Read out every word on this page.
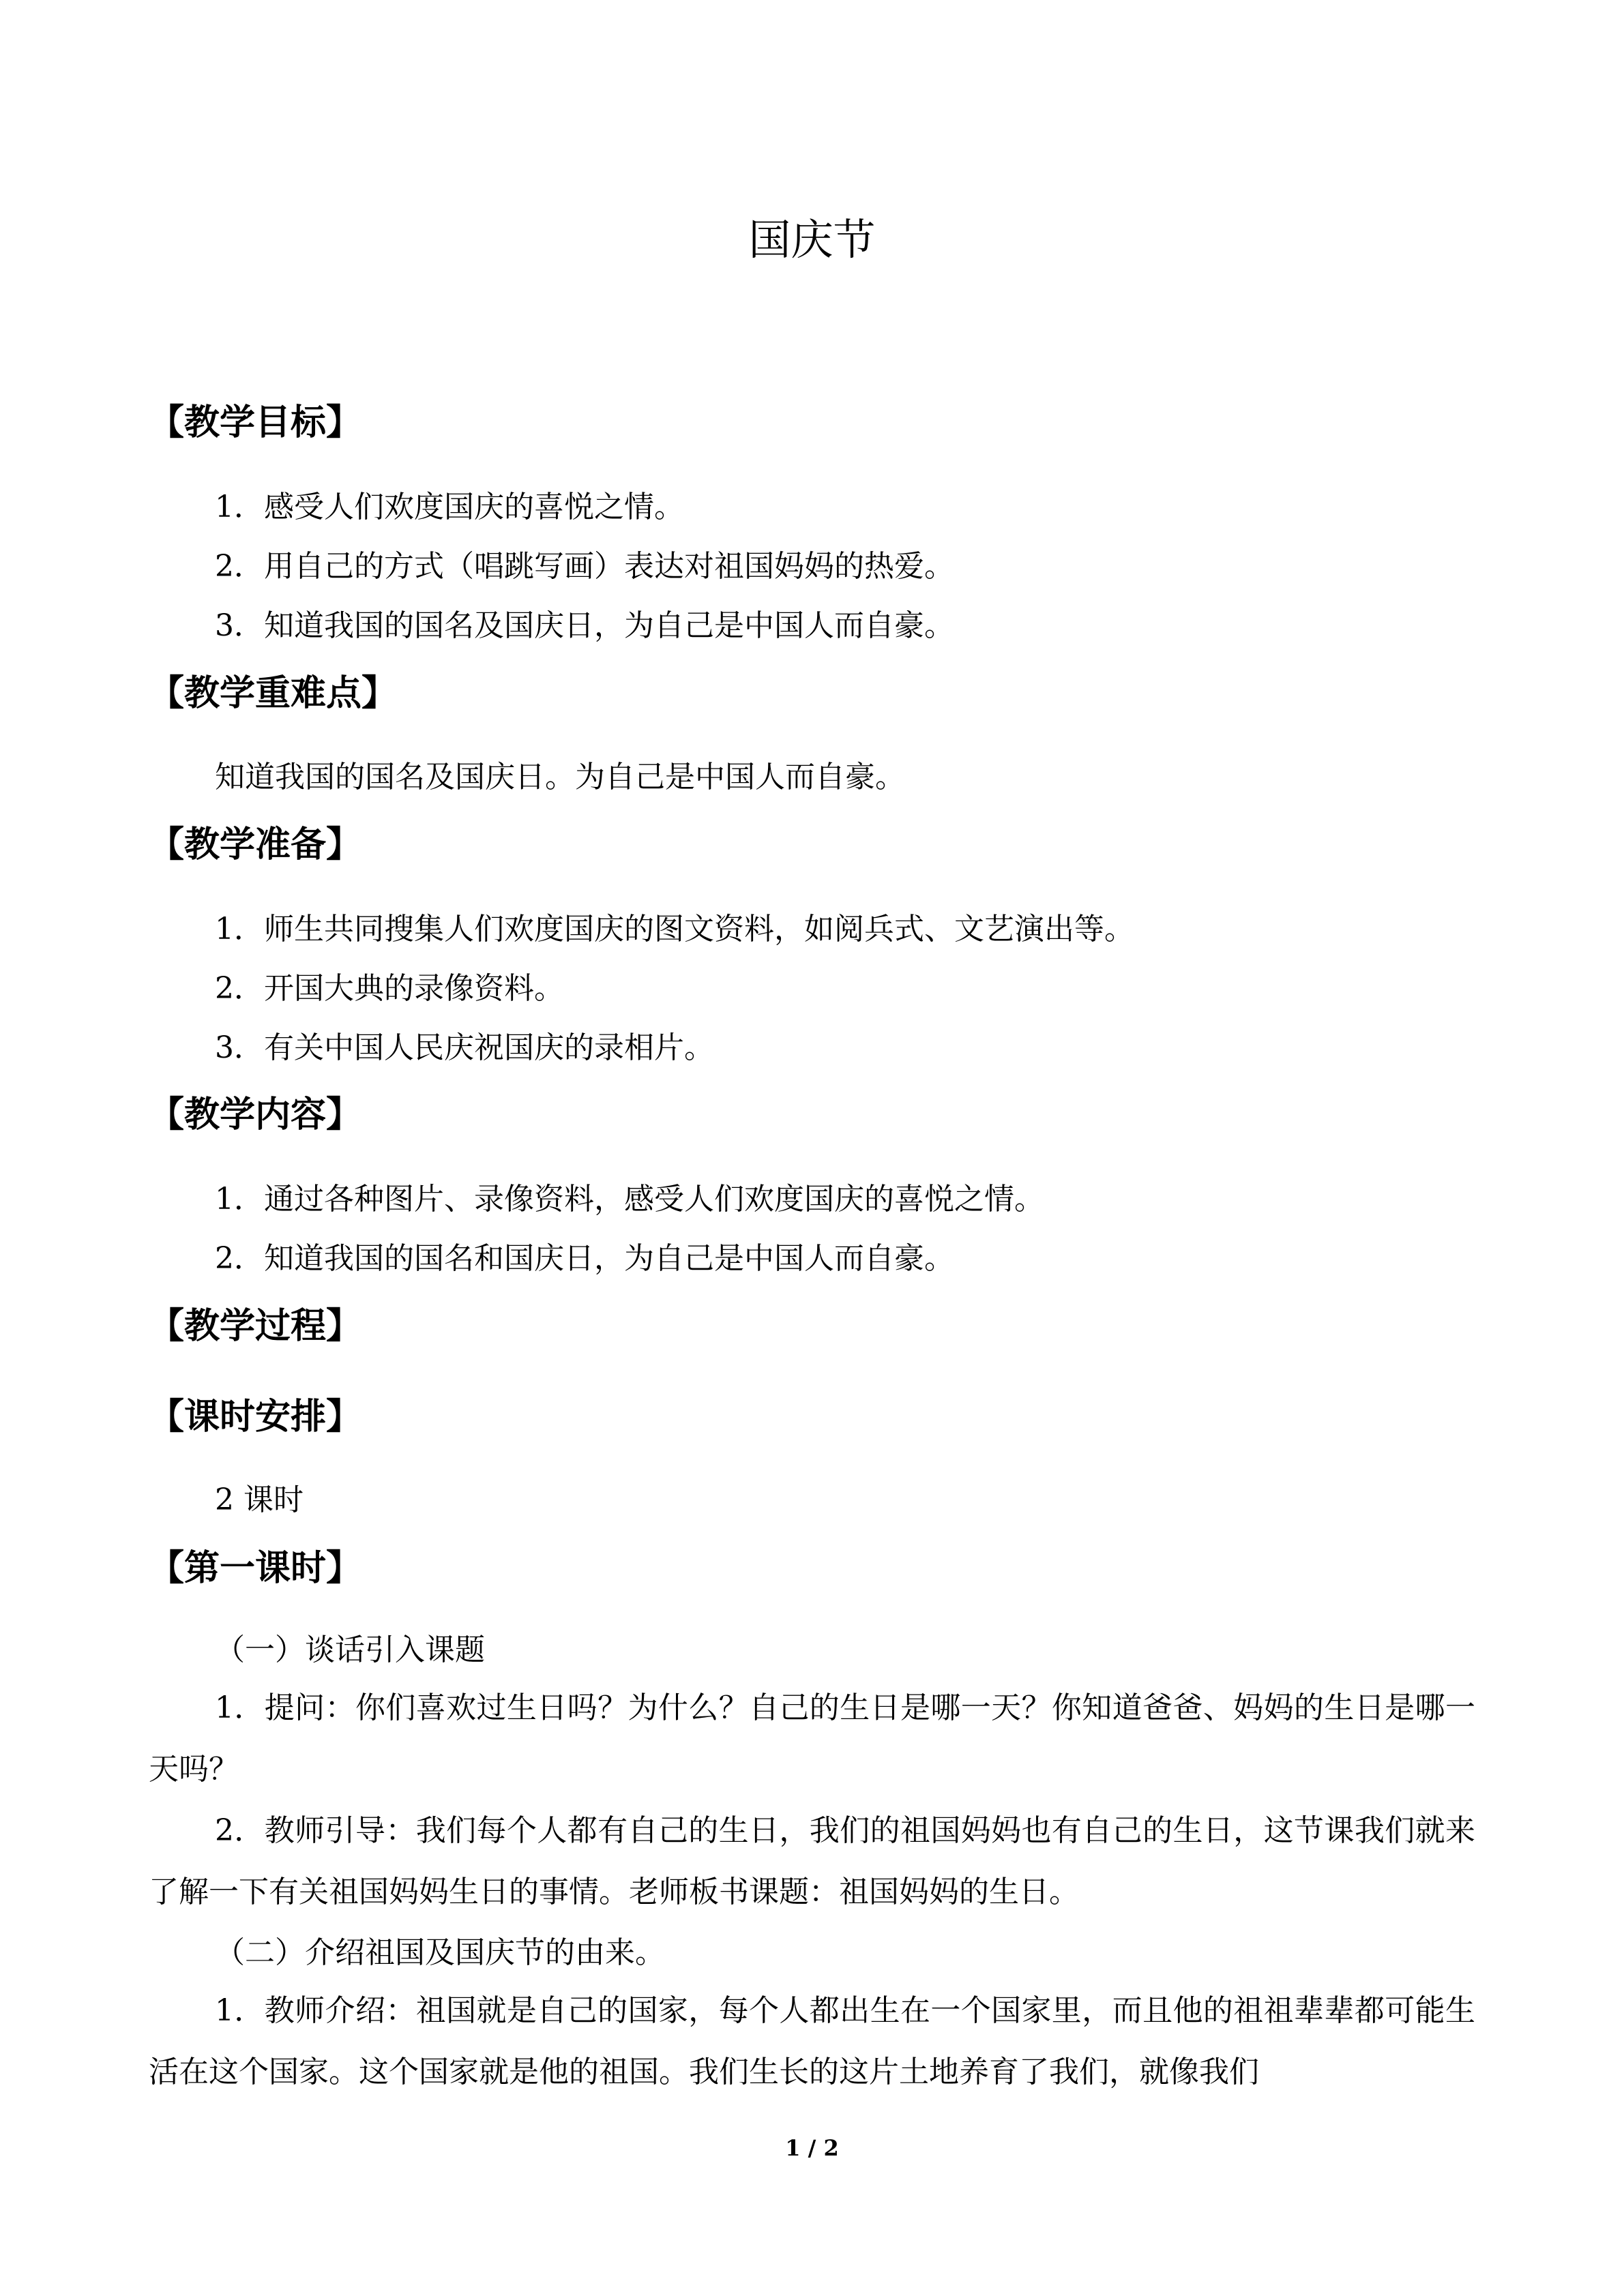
国庆节
【教学目标】
1．感受人们欢度国庆的喜悦之情。
2．用自己的方式（唱跳写画）表达对祖国妈妈的热爱。
3．知道我国的国名及国庆日，为自己是中国人而自豪。
【教学重难点】
知道我国的国名及国庆日。为自己是中国人而自豪。
【教学准备】
1．师生共同搜集人们欢度国庆的图文资料，如阅兵式、文艺演出等。
2．开国大典的录像资料。
3．有关中国人民庆祝国庆的录相片。
【教学内容】
1．通过各种图片、录像资料，感受人们欢度国庆的喜悦之情。
2．知道我国的国名和国庆日，为自己是中国人而自豪。
【教学过程】
【课时安排】
2 课时
【第一课时】
（一）谈话引入课题
1．提问：你们喜欢过生日吗？为什么？自己的生日是哪一天？你知道爸爸、妈妈的生日是哪一天吗？
2．教师引导：我们每个人都有自己的生日，我们的祖国妈妈也有自己的生日，这节课我们就来了解一下有关祖国妈妈生日的事情。老师板书课题：祖国妈妈的生日。
（二）介绍祖国及国庆节的由来。
1．教师介绍：祖国就是自己的国家，每个人都出生在一个国家里，而且他的祖祖辈辈都可能生活在这个国家。这个国家就是他的祖国。我们生长的这片土地养育了我们，就像我们
1 / 2
